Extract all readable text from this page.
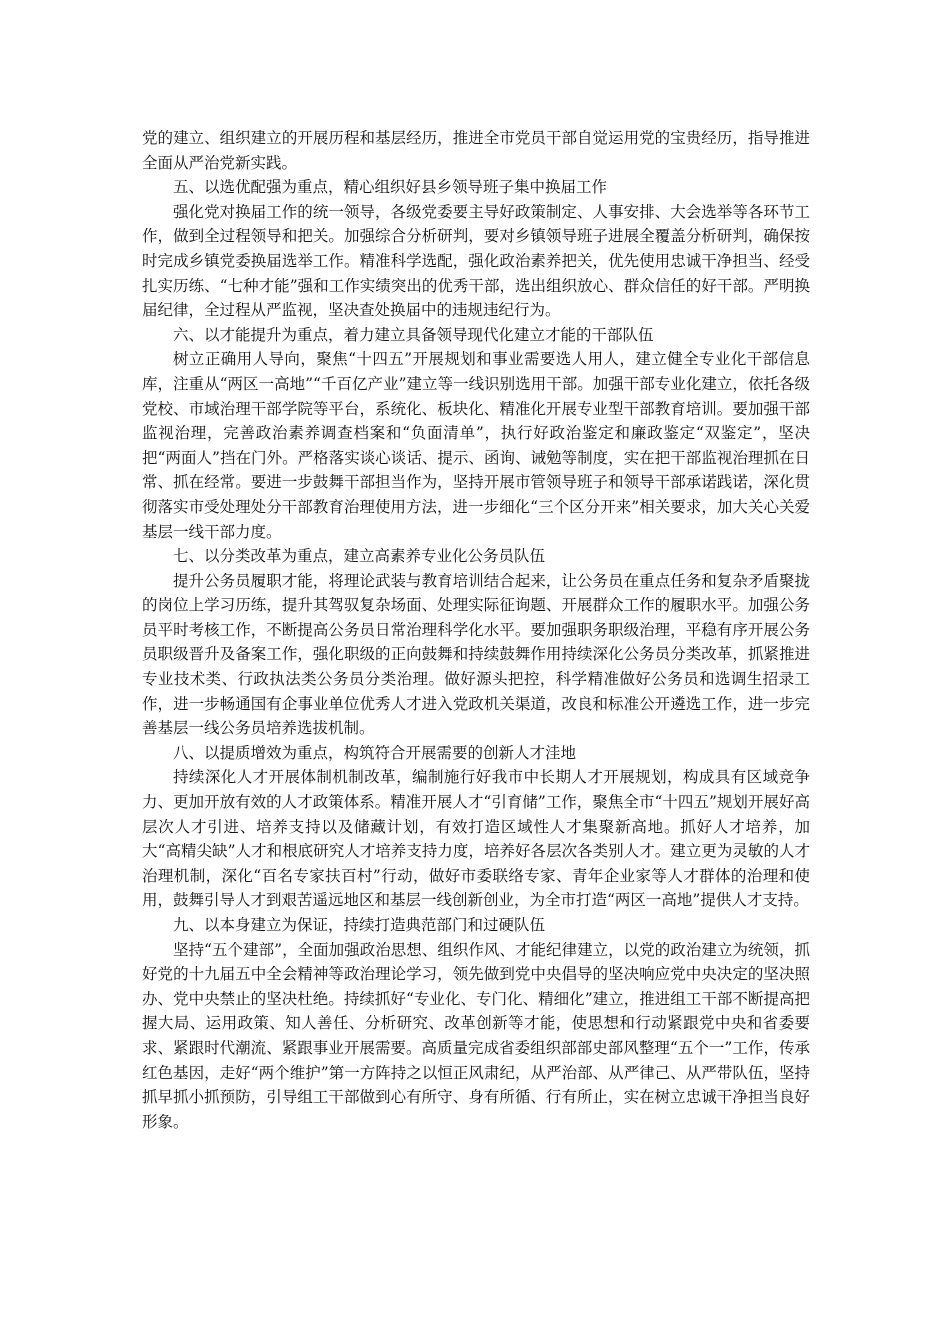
党的建立、组织建立的开展历程和基层经历，推进全市党员干部自觉运用党的宝贵经历，指导推进全面从严治党新实践。

五、以选优配强为重点，精心组织好县乡领导班子集中换届工作

强化党对换届工作的统一领导，各级党委要主导好政策制定、人事安排、大会选举等各环节工作，做到全过程领导和把关。加强综合分析研判，要对乡镇领导班子进展全覆盖分析研判，确保按时完成乡镇党委换届选举工作。精准科学选配，强化政治素养把关，优先使用忠诚干净担当、经受扎实历练、“七种才能”强和工作实绩突出的优秀干部，选出组织放心、群众信任的好干部。严明换届纪律，全过程从严监视，坚决查处换届中的违规违纪行为。

六、以才能提升为重点，着力建立具备领导现代化建立才能的干部队伍

树立正确用人导向，聚焦“十四五”开展规划和事业需要选人用人，建立健全专业化干部信息库，注重从“两区一高地”“千百亿产业”建立等一线识别选用干部。加强干部专业化建立，依托各级党校、市域治理干部学院等平台，系统化、板块化、精准化开展专业型干部教育培训。要加强干部监视治理，完善政治素养调查档案和“负面清单”，执行好政治鉴定和廉政鉴定“双鉴定”，坚决把“两面人”挡在门外。严格落实谈心谈话、提示、函询、诫勉等制度，实在把干部监视治理抓在日常、抓在经常。要进一步鼓舞干部担当作为，坚持开展市管领导班子和领导干部承诺践诺，深化贯彻落实市受处理处分干部教育治理使用方法，进一步细化“三个区分开来”相关要求，加大关心关爱基层一线干部力度。

七、以分类改革为重点，建立高素养专业化公务员队伍

提升公务员履职才能，将理论武装与教育培训结合起来，让公务员在重点任务和复杂矛盾聚拢的岗位上学习历练，提升其驾驭复杂场面、处理实际征询题、开展群众工作的履职水平。加强公务员平时考核工作，不断提高公务员日常治理科学化水平。要加强职务职级治理，平稳有序开展公务员职级晋升及备案工作，强化职级的正向鼓舞和持续鼓舞作用持续深化公务员分类改革，抓紧推进专业技术类、行政执法类公务员分类治理。做好源头把控，科学精准做好公务员和选调生招录工作，进一步畅通国有企事业单位优秀人才进入党政机关渠道，改良和标准公开遴选工作，进一步完善基层一线公务员培养选拔机制。

八、以提质增效为重点，构筑符合开展需要的创新人才洼地

持续深化人才开展体制机制改革，编制施行好我市中长期人才开展规划，构成具有区域竞争力、更加开放有效的人才政策体系。精准开展人才“引育储”工作，聚焦全市“十四五”规划开展好高层次人才引进、培养支持以及储藏计划，有效打造区域性人才集聚新高地。抓好人才培养，加大“高精尖缺”人才和根底研究人才培养支持力度，培养好各层次各类别人才。建立更为灵敏的人才治理机制，深化“百名专家扶百村”行动，做好市委联络专家、青年企业家等人才群体的治理和使用，鼓舞引导人才到艰苦遥远地区和基层一线创新创业，为全市打造“两区一高地”提供人才支持。

九、以本身建立为保证，持续打造典范部门和过硬队伍

坚持“五个建部”，全面加强政治思想、组织作风、才能纪律建立，以党的政治建立为统领，抓好党的十九届五中全会精神等政治理论学习，领先做到党中央倡导的坚决响应党中央决定的坚决照办、党中央禁止的坚决杜绝。持续抓好“专业化、专门化、精细化”建立，推进组工干部不断提高把握大局、运用政策、知人善任、分析研究、改革创新等才能，使思想和行动紧跟党中央和省委要求、紧跟时代潮流、紧跟事业开展需要。高质量完成省委组织部部史部风整理“五个一”工作，传承红色基因，走好“两个维护”第一方阵持之以恒正风肃纪，从严治部、从严律己、从严带队伍，坚持抓早抓小抓预防，引导组工干部做到心有所守、身有所循、行有所止，实在树立忠诚干净担当良好形象。
